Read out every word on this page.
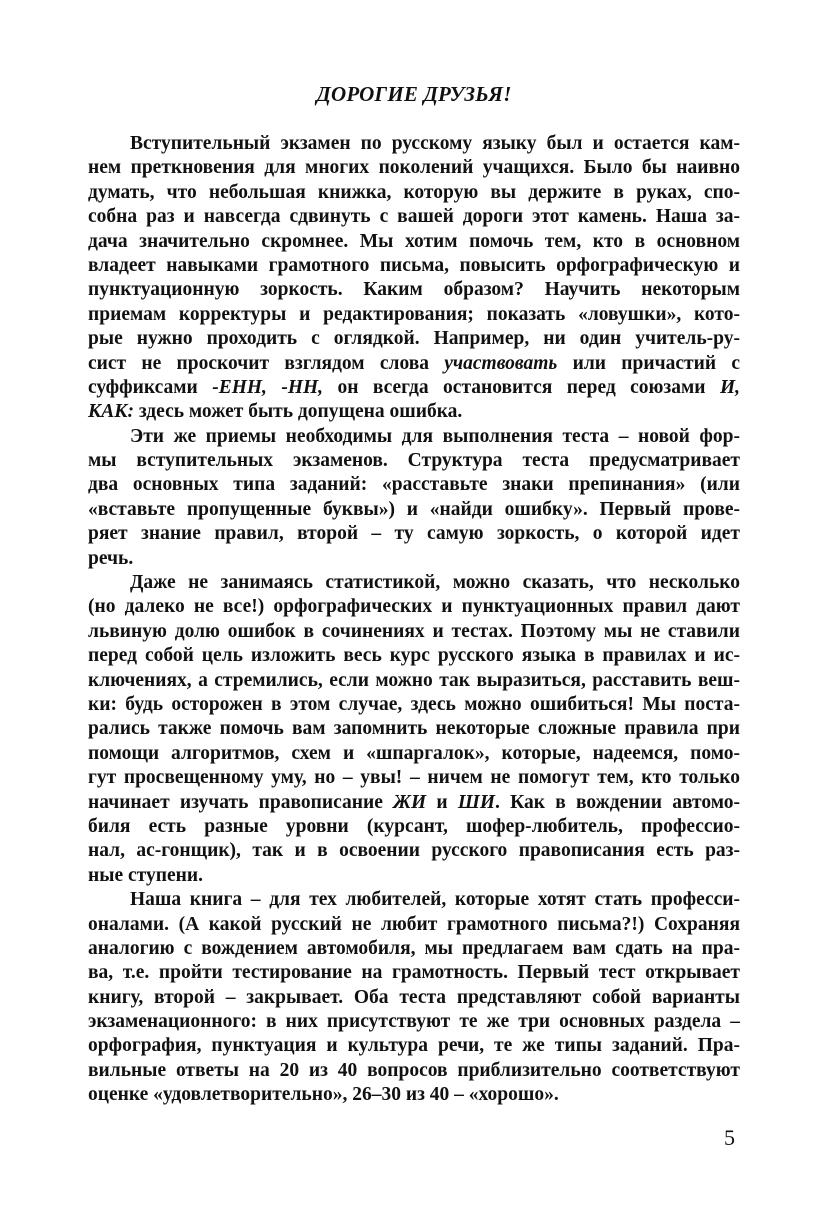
ДОРОГИЕ ДРУЗЬЯ!
Вступительный экзамен по русскому языку был и остается кам-
нем преткновения для многих поколений учащихся. Было бы наивно
думать, что небольшая книжка, которую вы держите в руках, спо-
собна раз и навсегда сдвинуть с вашей дороги этот камень. Наша за-
дача значительно скромнее. Мы хотим помочь тем, кто в основном
владеет навыками грамотного письма, повысить орфографическую и
пунктуационную зоркость. Каким образом? Научить некоторым
приемам корректуры и редактирования; показать «ловушки», кото-
рые нужно проходить с оглядкой. Например, ни один учитель-ру-
сист не проскочит взглядом слова участвовать или причастий с
суффиксами -ЕНН, -НН, он всегда остановится перед союзами И,
КАК: здесь может быть допущена ошибка.
Эти же приемы необходимы для выполнения теста – новой фор-
мы вступительных экзаменов. Структура теста предусматривает
два основных типа заданий: «расставьте знаки препинания» (или
«вставьте пропущенные буквы») и «найди ошибку». Первый прове-
ряет знание правил, второй – ту самую зоркость, о которой идет
речь.
Даже не занимаясь статистикой, можно сказать, что несколько
(но далеко не все!) орфографических и пунктуационных правил дают
львиную долю ошибок в сочинениях и тестах. Поэтому мы не ставили
перед собой цель изложить весь курс русского языка в правилах и ис-
ключениях, а стремились, если можно так выразиться, расставить веш-
ки: будь осторожен в этом случае, здесь можно ошибиться! Мы поста-
рались также помочь вам запомнить некоторые сложные правила при
помощи алгоритмов, схем и «шпаргалок», которые, надеемся, помо-
гут просвещенному уму, но – увы! – ничем не помогут тем, кто только
начинает изучать правописание ЖИ и ШИ. Как в вождении автомо-
биля есть разные уровни (курсант, шофер-любитель, профессио-
нал, ас-гонщик), так и в освоении русского правописания есть раз-
ные ступени.
Наша книга – для тех любителей, которые хотят стать професси-
оналами. (А какой русский не любит грамотного письма?!) Сохраняя
аналогию с вождением автомобиля, мы предлагаем вам сдать на пра-
ва, т.е. пройти тестирование на грамотность. Первый тест открывает
книгу, второй – закрывает. Оба теста представляют собой варианты
экзаменационного: в них присутствуют те же три основных раздела –
орфография, пунктуация и культура речи, те же типы заданий. Пра-
вильные ответы на 20 из 40 вопросов приблизительно соответствуют
оценке «удовлетворительно», 26–30 из 40 – «хорошо».
5
